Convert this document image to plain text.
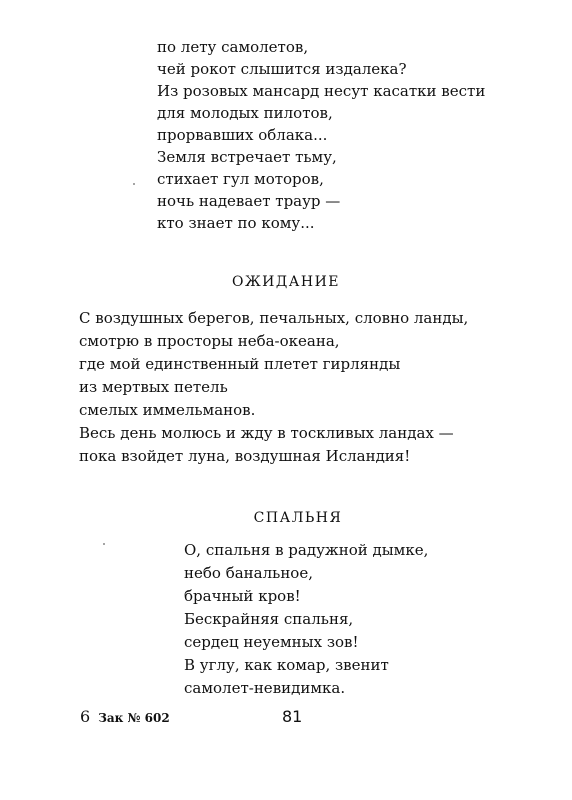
по лету самолетов,
чей рокот слышится издалека?
Из розовых мансард несут касатки вести
для молодых пилотов,
прорвавших облака...
Земля встречает тьму,
стихает гул моторов,
ночь надевает траур —
кто знает по кому...
ОЖИДАНИЕ
С воздушных берегов, печальных, словно ланды,
смотрю в просторы неба-океана,
где мой единственный плетет гирлянды
из мертвых петель
смелых иммельманов.
Весь день молюсь и жду в тоскливых ландах —
пока взойдет луна, воздушная Исландия!
СПАЛЬНЯ
О, спальня в радужной дымке,
небо банальное,
брачный кров!
Бескрайняя спальня,
сердец неуемных зов!
В углу, как комар, звенит
самолет-невидимка.
6 Зак № 602	81
